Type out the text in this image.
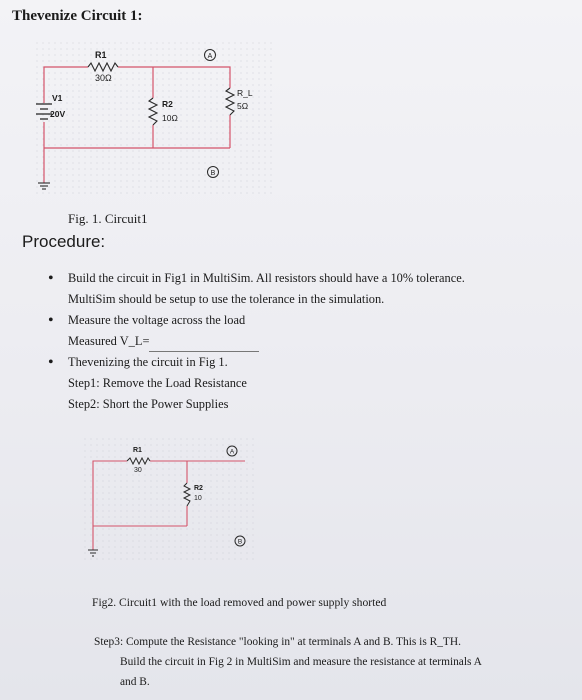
Thevenize Circuit 1:
R1
30Ω
V1
20V
R2
10Ω
R_L
5Ω
A
B
Fig. 1. Circuit1
Procedure:
•	Build the circuit in Fig1 in MultiSim. All resistors should have a 10% tolerance.
MultiSim should be setup to use the tolerance in the simulation.
•	Measure the voltage across the load
Measured V_L=
•	Thevenizing the circuit in Fig 1.
Step1: Remove the Load Resistance
Step2: Short the Power Supplies
R1
30
R2
10
A
B
Fig2. Circuit1 with the load removed and power supply shorted
Step3: Compute the Resistance "looking in" at terminals A and B. This is R_TH.
Build the circuit in Fig 2 in MultiSim and measure the resistance at terminals A
and B.
